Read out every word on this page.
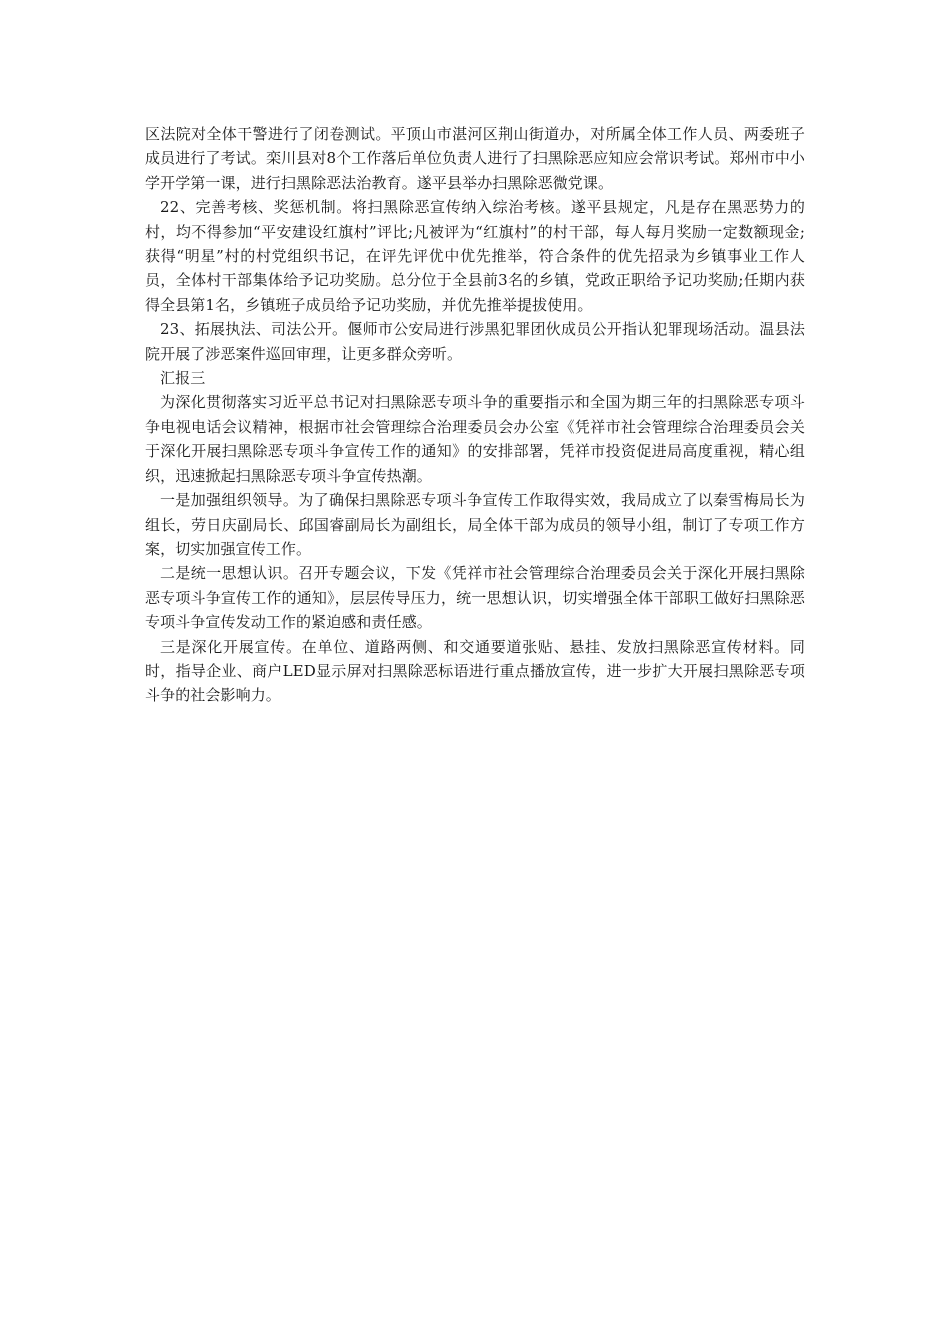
区法院对全体干警进行了闭卷测试。平顶山市湛河区荆山街道办，对所属全体工作人员、两委班子成员进行了考试。栾川县对8个工作落后单位负责人进行了扫黑除恶应知应会常识考试。郑州市中小学开学第一课，进行扫黑除恶法治教育。遂平县举办扫黑除恶微党课。

22、完善考核、奖惩机制。将扫黑除恶宣传纳入综治考核。遂平县规定，凡是存在黑恶势力的村，均不得参加“平安建设红旗村”评比;凡被评为“红旗村”的村干部，每人每月奖励一定数额现金;获得“明星”村的村党组织书记，在评先评优中优先推举，符合条件的优先招录为乡镇事业工作人员，全体村干部集体给予记功奖励。总分位于全县前3名的乡镇，党政正职给予记功奖励;任期内获得全县第1名，乡镇班子成员给予记功奖励，并优先推举提拔使用。

23、拓展执法、司法公开。偃师市公安局进行涉黑犯罪团伙成员公开指认犯罪现场活动。温县法院开展了涉恶案件巡回审理，让更多群众旁听。

汇报三

为深化贯彻落实习近平总书记对扫黑除恶专项斗争的重要指示和全国为期三年的扫黑除恶专项斗争电视电话会议精神，根据市社会管理综合治理委员会办公室《凭祥市社会管理综合治理委员会关于深化开展扫黑除恶专项斗争宣传工作的通知》的安排部署，凭祥市投资促进局高度重视，精心组织，迅速掀起扫黑除恶专项斗争宣传热潮。

一是加强组织领导。为了确保扫黑除恶专项斗争宣传工作取得实效，我局成立了以秦雪梅局长为组长，劳日庆副局长、邱国睿副局长为副组长，局全体干部为成员的领导小组，制订了专项工作方案，切实加强宣传工作。

二是统一思想认识。召开专题会议，下发《凭祥市社会管理综合治理委员会关于深化开展扫黑除恶专项斗争宣传工作的通知》，层层传导压力，统一思想认识，切实增强全体干部职工做好扫黑除恶专项斗争宣传发动工作的紧迫感和责任感。

三是深化开展宣传。在单位、道路两侧、和交通要道张贴、悬挂、发放扫黑除恶宣传材料。同时，指导企业、商户LED显示屏对扫黑除恶标语进行重点播放宣传，进一步扩大开展扫黑除恶专项斗争的社会影响力。
